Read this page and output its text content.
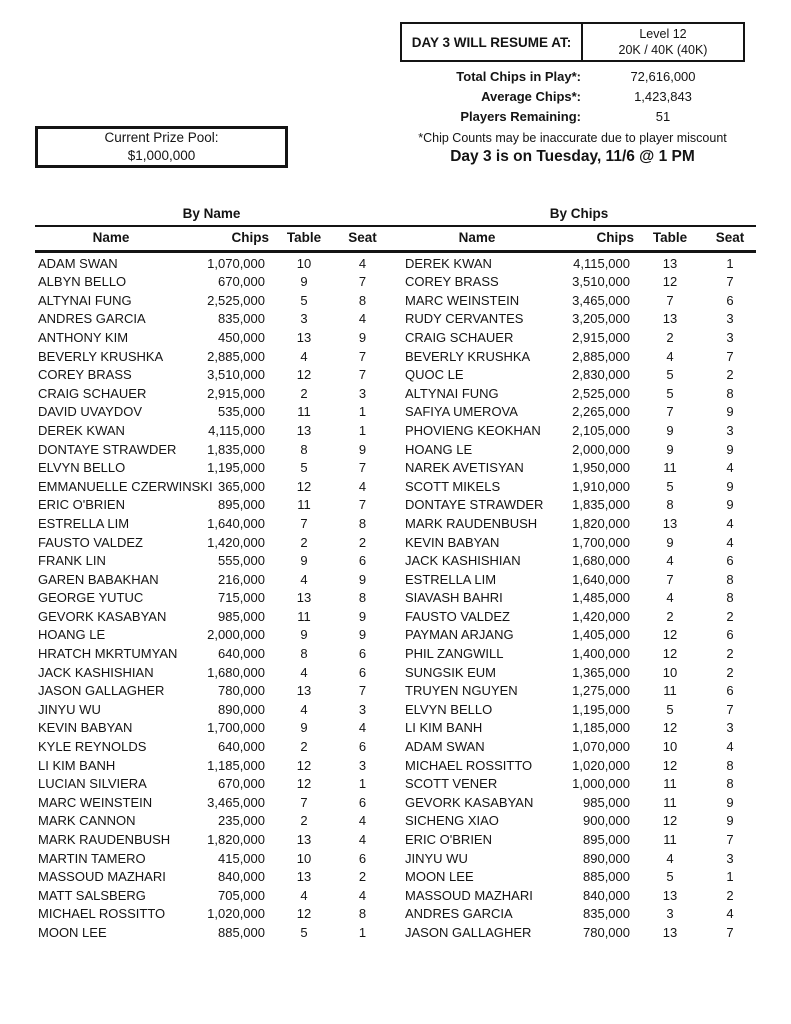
DAY 3 WILL RESUME AT:
Level 12
20K / 40K (40K)
Total Chips in Play*:	72,616,000
Average Chips*:	1,423,843
Players Remaining:	51
*Chip Counts may be inaccurate due to player miscount
Day 3 is on Tuesday, 11/6 @ 1 PM
Current Prize Pool:
$1,000,000
By Name	By Chips
Name	Chips	Table	Seat	Name	Chips	Table	Seat
ADAM SWAN	1,070,000	10	4	DEREK KWAN	4,115,000	13	1
ALBYN BELLO	670,000	9	7	COREY BRASS	3,510,000	12	7
ALTYNAI FUNG	2,525,000	5	8	MARC WEINSTEIN	3,465,000	7	6
ANDRES GARCIA	835,000	3	4	RUDY CERVANTES	3,205,000	13	3
ANTHONY KIM	450,000	13	9	CRAIG SCHAUER	2,915,000	2	3
BEVERLY KRUSHKA	2,885,000	4	7	BEVERLY KRUSHKA	2,885,000	4	7
COREY BRASS	3,510,000	12	7	QUOC LE	2,830,000	5	2
CRAIG SCHAUER	2,915,000	2	3	ALTYNAI FUNG	2,525,000	5	8
DAVID UVAYDOV	535,000	11	1	SAFIYA UMEROVA	2,265,000	7	9
DEREK KWAN	4,115,000	13	1	PHOVIENG KEOKHAN	2,105,000	9	3
DONTAYE STRAWDER	1,835,000	8	9	HOANG LE	2,000,000	9	9
ELVYN BELLO	1,195,000	5	7	NAREK AVETISYAN	1,950,000	11	4
EMMANUELLE CZERWINSKI 365,000	12	4	SCOTT MIKELS	1,910,000	5	9
ERIC O'BRIEN	895,000	11	7	DONTAYE STRAWDER	1,835,000	8	9
ESTRELLA LIM	1,640,000	7	8	MARK RAUDENBUSH	1,820,000	13	4
FAUSTO VALDEZ	1,420,000	2	2	KEVIN BABYAN	1,700,000	9	4
FRANK LIN	555,000	9	6	JACK KASHISHIAN	1,680,000	4	6
GAREN BABAKHAN	216,000	4	9	ESTRELLA LIM	1,640,000	7	8
GEORGE YUTUC	715,000	13	8	SIAVASH BAHRI	1,485,000	4	8
GEVORK KASABYAN	985,000	11	9	FAUSTO VALDEZ	1,420,000	2	2
HOANG LE	2,000,000	9	9	PAYMAN ARJANG	1,405,000	12	6
HRATCH MKRTUMYAN	640,000	8	6	PHIL ZANGWILL	1,400,000	12	2
JACK KASHISHIAN	1,680,000	4	6	SUNGSIK EUM	1,365,000	10	2
JASON GALLAGHER	780,000	13	7	TRUYEN NGUYEN	1,275,000	11	6
JINYU WU	890,000	4	3	ELVYN BELLO	1,195,000	5	7
KEVIN BABYAN	1,700,000	9	4	LI KIM BANH	1,185,000	12	3
KYLE REYNOLDS	640,000	2	6	ADAM SWAN	1,070,000	10	4
LI KIM BANH	1,185,000	12	3	MICHAEL ROSSITTO	1,020,000	12	8
LUCIAN SILVIERA	670,000	12	1	SCOTT VENER	1,000,000	11	8
MARC WEINSTEIN	3,465,000	7	6	GEVORK KASABYAN	985,000	11	9
MARK CANNON	235,000	2	4	SICHENG XIAO	900,000	12	9
MARK RAUDENBUSH	1,820,000	13	4	ERIC O'BRIEN	895,000	11	7
MARTIN TAMERO	415,000	10	6	JINYU WU	890,000	4	3
MASSOUD MAZHARI	840,000	13	2	MOON LEE	885,000	5	1
MATT SALSBERG	705,000	4	4	MASSOUD MAZHARI	840,000	13	2
MICHAEL ROSSITTO	1,020,000	12	8	ANDRES GARCIA	835,000	3	4
MOON LEE	885,000	5	1	JASON GALLAGHER	780,000	13	7
